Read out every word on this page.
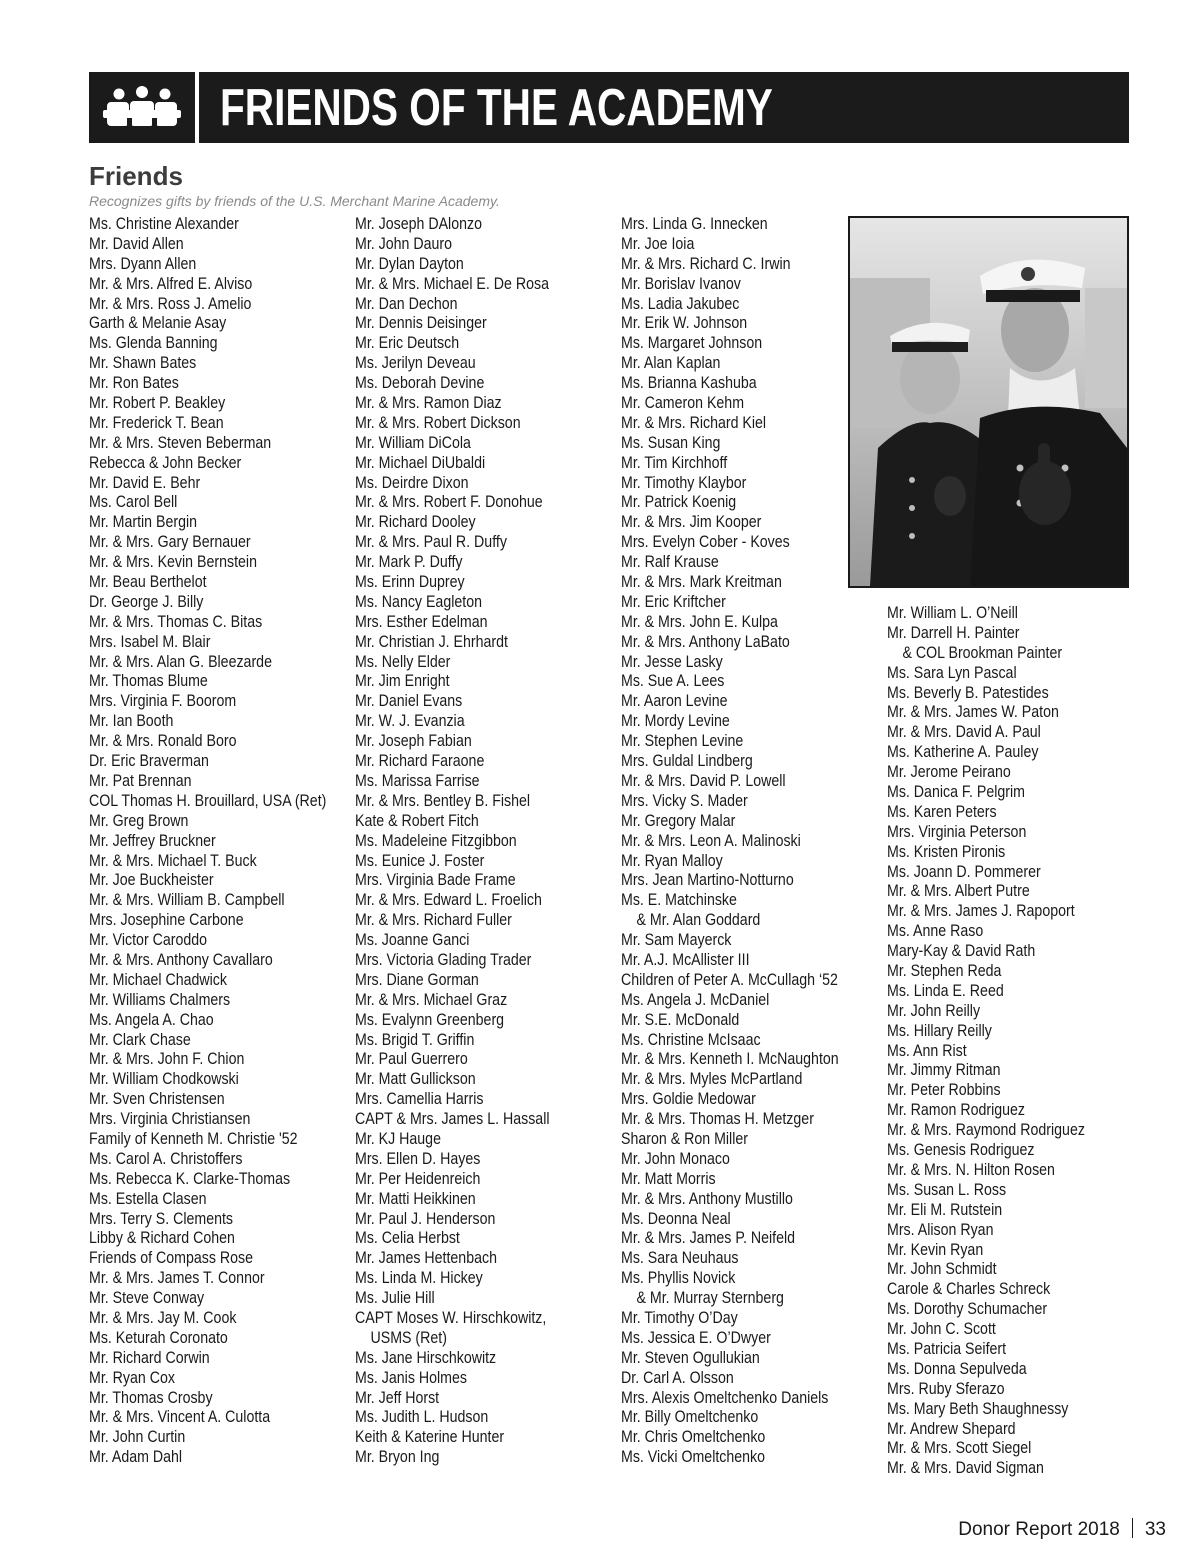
FRIENDS OF THE ACADEMY
Friends
Recognizes gifts by friends of the U.S. Merchant Marine Academy.
Ms. Christine Alexander
Mr. David Allen
Mrs. Dyann Allen
Mr. & Mrs. Alfred E. Alviso
Mr. & Mrs. Ross J. Amelio
Garth & Melanie Asay
Ms. Glenda Banning
Mr. Shawn Bates
Mr. Ron Bates
Mr. Robert P. Beakley
Mr. Frederick T. Bean
Mr. & Mrs. Steven Beberman
Rebecca & John Becker
Mr. David E. Behr
Ms. Carol Bell
Mr. Martin Bergin
Mr. & Mrs. Gary Bernauer
Mr. & Mrs. Kevin Bernstein
Mr. Beau Berthelot
Dr. George J. Billy
Mr. & Mrs. Thomas C. Bitas
Mrs. Isabel M. Blair
Mr. & Mrs. Alan G. Bleezarde
Mr. Thomas Blume
Mrs. Virginia F. Boorom
Mr. Ian Booth
Mr. & Mrs. Ronald Boro
Dr. Eric Braverman
Mr. Pat Brennan
COL Thomas H. Brouillard, USA (Ret)
Mr. Greg Brown
Mr. Jeffrey Bruckner
Mr. & Mrs. Michael T. Buck
Mr. Joe Buckheister
Mr. & Mrs. William B. Campbell
Mrs. Josephine Carbone
Mr. Victor Caroddo
Mr. & Mrs. Anthony Cavallaro
Mr. Michael Chadwick
Mr. Williams Chalmers
Ms. Angela A. Chao
Mr. Clark Chase
Mr. & Mrs. John F. Chion
Mr. William Chodkowski
Mr. Sven Christensen
Mrs. Virginia Christiansen
Family of Kenneth M. Christie '52
Ms. Carol A. Christoffers
Ms. Rebecca K. Clarke-Thomas
Ms. Estella Clasen
Mrs. Terry S. Clements
Libby & Richard Cohen
Friends of Compass Rose
Mr. & Mrs. James T. Connor
Mr. Steve Conway
Mr. & Mrs. Jay M. Cook
Ms. Keturah Coronato
Mr. Richard Corwin
Mr. Ryan Cox
Mr. Thomas Crosby
Mr. & Mrs. Vincent A. Culotta
Mr. John Curtin
Mr. Adam Dahl
Mr. Joseph DAlonzo
Mr. John Dauro
Mr. Dylan Dayton
Mr. & Mrs. Michael E. De Rosa
Mr. Dan Dechon
Mr. Dennis Deisinger
Mr. Eric Deutsch
Ms. Jerilyn Deveau
Ms. Deborah Devine
Mr. & Mrs. Ramon Diaz
Mr. & Mrs. Robert Dickson
Mr. William DiCola
Mr. Michael DiUbaldi
Ms. Deirdre Dixon
Mr. & Mrs. Robert F. Donohue
Mr. Richard Dooley
Mr. & Mrs. Paul R. Duffy
Mr. Mark P. Duffy
Ms. Erinn Duprey
Ms. Nancy Eagleton
Mrs. Esther Edelman
Mr. Christian J. Ehrhardt
Ms. Nelly Elder
Mr. Jim Enright
Mr. Daniel Evans
Mr. W. J. Evanzia
Mr. Joseph Fabian
Mr. Richard Faraone
Ms. Marissa Farrise
Mr. & Mrs. Bentley B. Fishel
Kate & Robert Fitch
Ms. Madeleine Fitzgibbon
Ms. Eunice J. Foster
Mrs. Virginia Bade Frame
Mr. & Mrs. Edward L. Froelich
Mr. & Mrs. Richard Fuller
Ms. Joanne Ganci
Mrs. Victoria Glading Trader
Mrs. Diane Gorman
Mr. & Mrs. Michael Graz
Ms. Evalynn Greenberg
Ms. Brigid T. Griffin
Mr. Paul Guerrero
Mr. Matt Gullickson
Mrs. Camellia Harris
CAPT & Mrs. James L. Hassall
Mr. KJ Hauge
Mrs. Ellen D. Hayes
Mr. Per Heidenreich
Mr. Matti Heikkinen
Mr. Paul J. Henderson
Ms. Celia Herbst
Mr. James Hettenbach
Ms. Linda M. Hickey
Ms. Julie Hill
CAPT Moses W. Hirschkowitz,
USMS (Ret)
Ms. Jane Hirschkowitz
Ms. Janis Holmes
Mr. Jeff Horst
Ms. Judith L. Hudson
Keith & Katerine Hunter
Mr. Bryon Ing
Mrs. Linda G. Innecken
Mr. Joe Ioia
Mr. & Mrs. Richard C. Irwin
Mr. Borislav Ivanov
Ms. Ladia Jakubec
Mr. Erik W. Johnson
Ms. Margaret Johnson
Mr. Alan Kaplan
Ms. Brianna Kashuba
Mr. Cameron Kehm
Mr. & Mrs. Richard Kiel
Ms. Susan King
Mr. Tim Kirchhoff
Mr. Timothy Klaybor
Mr. Patrick Koenig
Mr. & Mrs. Jim Kooper
Mrs. Evelyn Cober - Koves
Mr. Ralf Krause
Mr. & Mrs. Mark Kreitman
Mr. Eric Kriftcher
Mr. & Mrs. John E. Kulpa
Mr. & Mrs. Anthony LaBato
Mr. Jesse Lasky
Ms. Sue A. Lees
Mr. Aaron Levine
Mr. Mordy Levine
Mr. Stephen Levine
Mrs. Guldal Lindberg
Mr. & Mrs. David P. Lowell
Mrs. Vicky S. Mader
Mr. Gregory Malar
Mr. & Mrs. Leon A. Malinoski
Mr. Ryan Malloy
Mrs. Jean Martino-Notturno
Ms. E. Matchinske
& Mr. Alan Goddard
Mr. Sam Mayerck
Mr. A.J. McAllister III
Children of Peter A. McCullagh ‘52
Ms. Angela J. McDaniel
Mr. S.E. McDonald
Ms. Christine McIsaac
Mr. & Mrs. Kenneth I. McNaughton
Mr. & Mrs. Myles McPartland
Mrs. Goldie Medowar
Mr. & Mrs. Thomas H. Metzger
Sharon & Ron Miller
Mr. John Monaco
Mr. Matt Morris
Mr. & Mrs. Anthony Mustillo
Ms. Deonna Neal
Mr. & Mrs. James P. Neifeld
Ms. Sara Neuhaus
Ms. Phyllis Novick
& Mr. Murray Sternberg
Mr. Timothy O’Day
Ms. Jessica E. O’Dwyer
Mr. Steven Ogullukian
Dr. Carl A. Olsson
Mrs. Alexis Omeltchenko Daniels
Mr. Billy Omeltchenko
Mr. Chris Omeltchenko
Ms. Vicki Omeltchenko
Mr. William L. O’Neill
Mr. Darrell H. Painter
& COL Brookman Painter
Ms. Sara Lyn Pascal
Ms. Beverly B. Patestides
Mr. & Mrs. James W. Paton
Mr. & Mrs. David A. Paul
Ms. Katherine A. Pauley
Mr. Jerome Peirano
Ms. Danica F. Pelgrim
Ms. Karen Peters
Mrs. Virginia Peterson
Ms. Kristen Pironis
Ms. Joann D. Pommerer
Mr. & Mrs. Albert Putre
Mr. & Mrs. James J. Rapoport
Ms. Anne Raso
Mary-Kay & David Rath
Mr. Stephen Reda
Ms. Linda E. Reed
Mr. John Reilly
Ms. Hillary Reilly
Ms. Ann Rist
Mr. Jimmy Ritman
Mr. Peter Robbins
Mr. Ramon Rodriguez
Mr. & Mrs. Raymond Rodriguez
Ms. Genesis Rodriguez
Mr. & Mrs. N. Hilton Rosen
Ms. Susan L. Ross
Mr. Eli M. Rutstein
Mrs. Alison Ryan
Mr. Kevin Ryan
Mr. John Schmidt
Carole & Charles Schreck
Ms. Dorothy Schumacher
Mr. John C. Scott
Ms. Patricia Seifert
Ms. Donna Sepulveda
Mrs. Ruby Sferazo
Ms. Mary Beth Shaughnessy
Mr. Andrew Shepard
Mr. & Mrs. Scott Siegel
Mr. & Mrs. David Sigman
Donor Report 2018 33
